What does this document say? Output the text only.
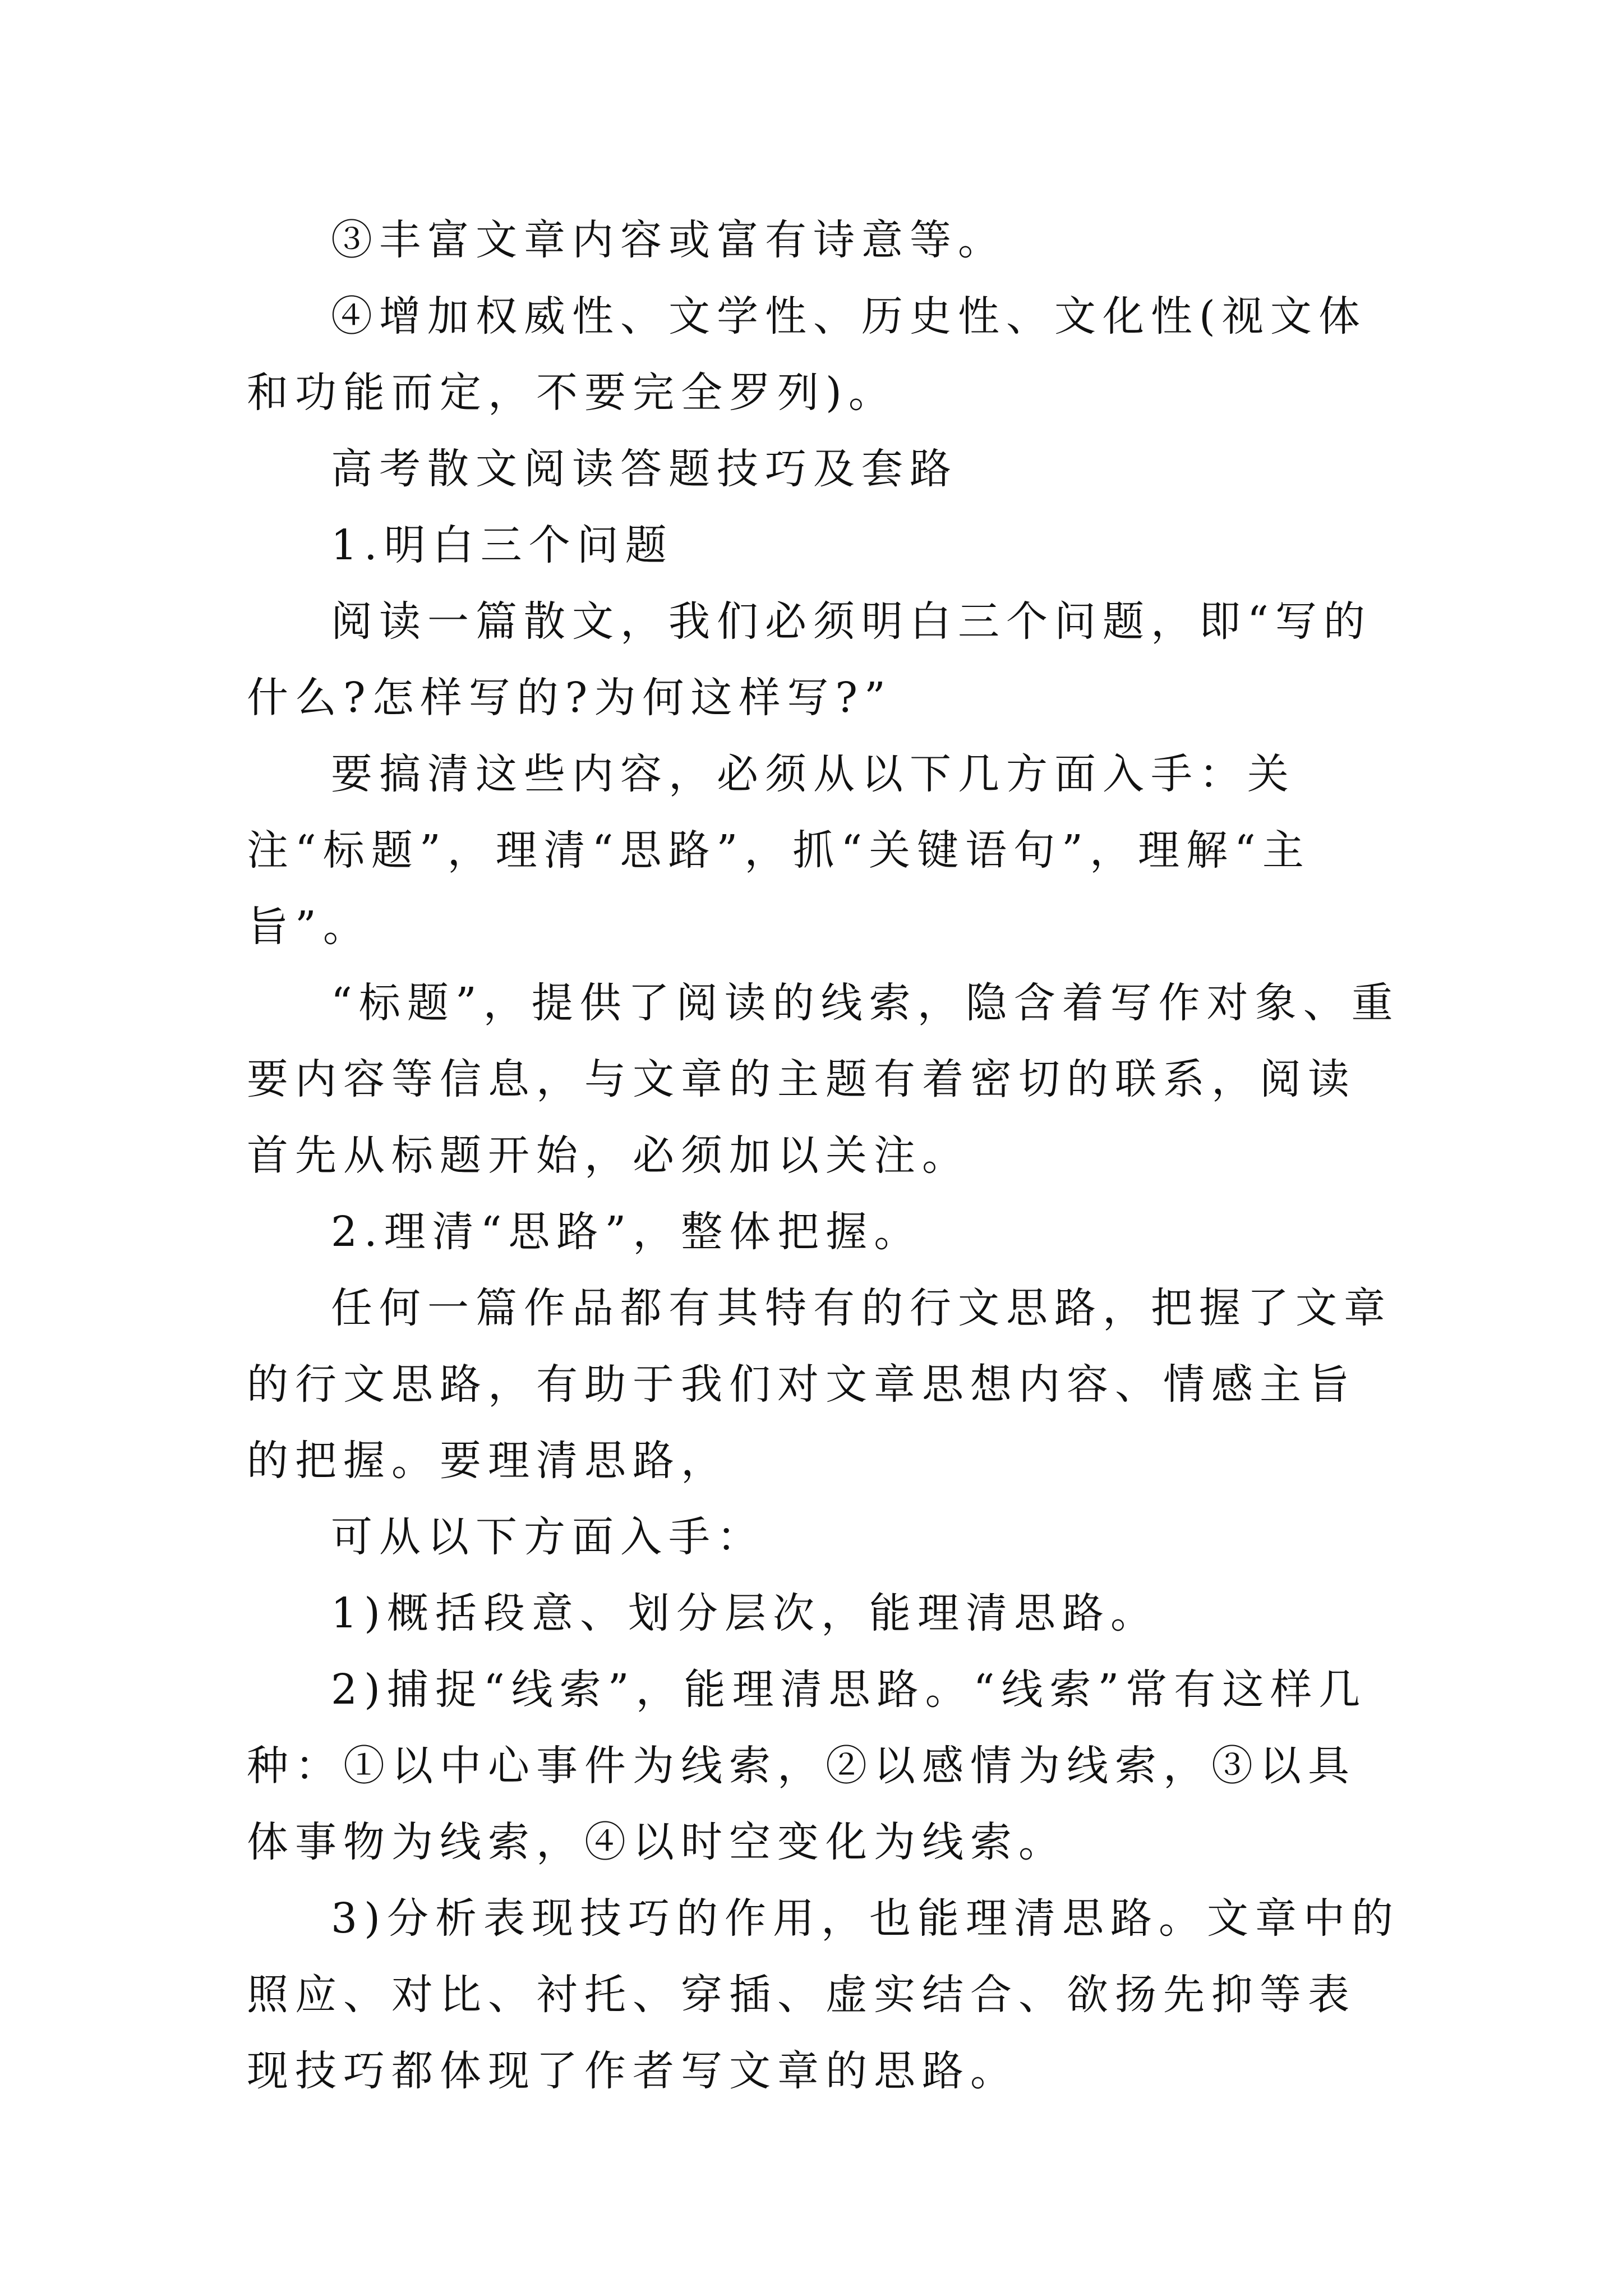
③丰富文章内容或富有诗意等。

④增加权威性、文学性、历史性、文化性(视文体和功能而定，不要完全罗列)。

高考散文阅读答题技巧及套路

1.明白三个问题

阅读一篇散文，我们必须明白三个问题，即“写的什么?怎样写的?为何这样写?”

要搞清这些内容，必须从以下几方面入手：关注“标题”，理清“思路”，抓“关键语句”，理解“主旨”。

“标题”，提供了阅读的线索，隐含着写作对象、重要内容等信息，与文章的主题有着密切的联系，阅读首先从标题开始，必须加以关注。

2.理清“思路”，整体把握。

任何一篇作品都有其特有的行文思路，把握了文章的行文思路，有助于我们对文章思想内容、情感主旨的把握。要理清思路，

可从以下方面入手：

1)概括段意、划分层次，能理清思路。

2)捕捉“线索”，能理清思路。“线索”常有这样几种：①以中心事件为线索，②以感情为线索，③以具体事物为线索，④以时空变化为线索。

3)分析表现技巧的作用，也能理清思路。文章中的照应、对比、衬托、穿插、虚实结合、欲扬先抑等表现技巧都体现了作者写文章的思路。
